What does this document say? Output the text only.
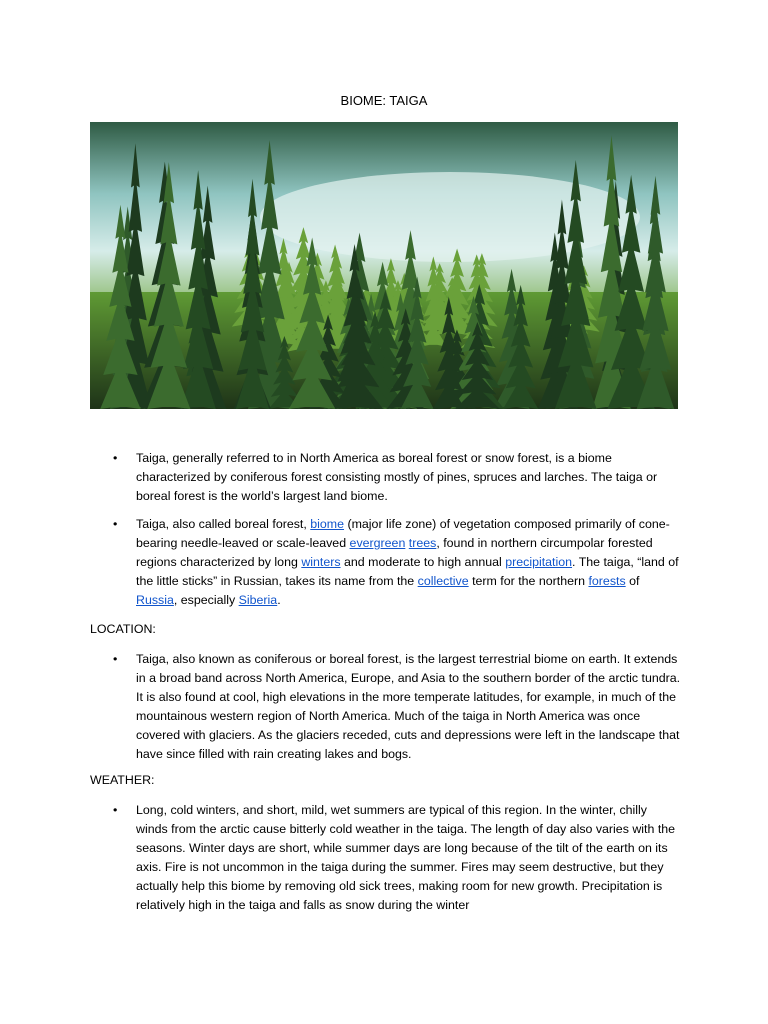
BIOME: TAIGA
•	Taiga, generally referred to in North America as boreal forest or snow forest, is a biome characterized by coniferous forest consisting mostly of pines, spruces and larches. The taiga or boreal forest is the world’s largest land biome.
•	Taiga, also called boreal forest, biome (major life zone) of vegetation composed primarily of cone-bearing needle-leaved or scale-leaved evergreen trees, found in northern circumpolar forested regions characterized by long winters and moderate to high annual precipitation. The taiga, “land of the little sticks” in Russian, takes its name from the collective term for the northern forests of Russia, especially Siberia.
LOCATION:
•	Taiga, also known as coniferous or boreal forest, is the largest terrestrial biome on earth. It extends in a broad band across North America, Europe, and Asia to the southern border of the arctic tundra. It is also found at cool, high elevations in the more temperate latitudes, for example, in much of the mountainous western region of North America. Much of the taiga in North America was once covered with glaciers. As the glaciers receded, cuts and depressions were left in the landscape that have since filled with rain creating lakes and bogs.
WEATHER:
•	Long, cold winters, and short, mild, wet summers are typical of this region. In the winter, chilly winds from the arctic cause bitterly cold weather in the taiga. The length of day also varies with the seasons. Winter days are short, while summer days are long because of the tilt of the earth on its axis. Fire is not uncommon in the taiga during the summer. Fires may seem destructive, but they actually help this biome by removing old sick trees, making room for new growth. Precipitation is relatively high in the taiga and falls as snow during the winter
